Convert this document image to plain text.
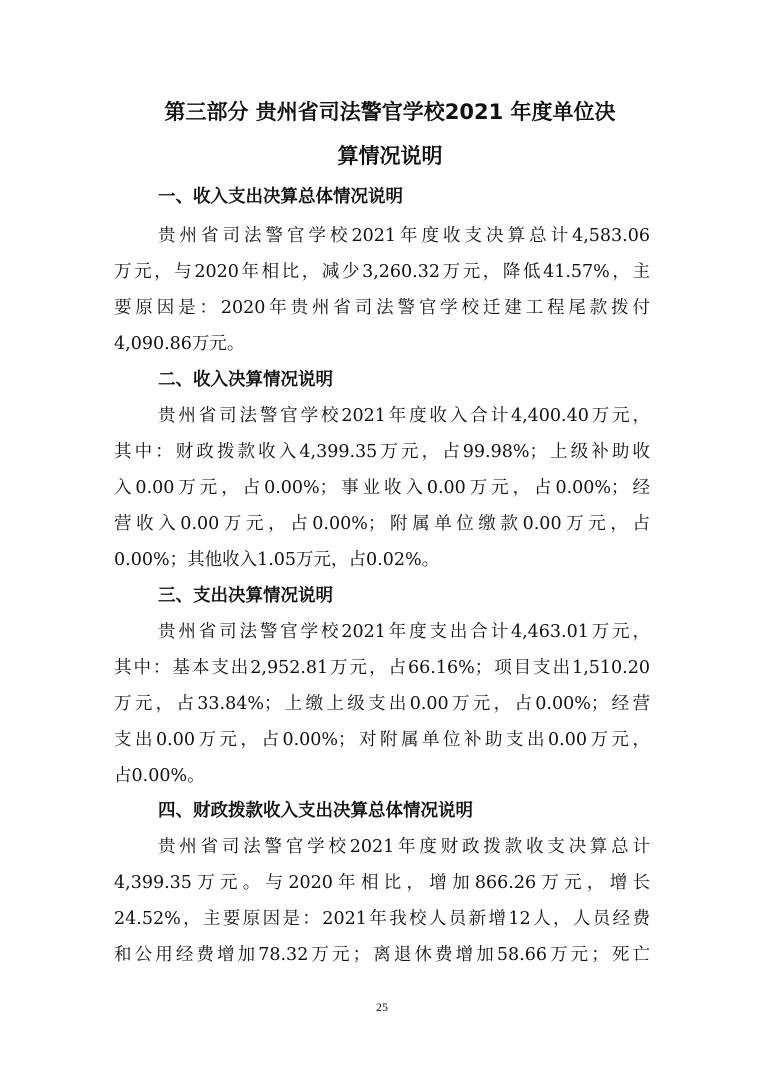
第三部分 贵州省司法警官学校2021 年度单位决
算情况说明
一、收入支出决算总体情况说明
贵州省司法警官学校2021年度收支决算总计4,583.06
万元，与2020年相比，减少3,260.32万元，降低41.57%，主
要原因是：2020年贵州省司法警官学校迁建工程尾款拨付
4,090.86万元。
二、收入决算情况说明
贵州省司法警官学校2021年度收入合计4,400.40万元，
其中：财政拨款收入4,399.35万元，占99.98%；上级补助收
入0.00万元，占0.00%；事业收入0.00万元，占0.00%；经
营收入0.00万元，占0.00%；附属单位缴款0.00万元，占
0.00%；其他收入1.05万元，占0.02%。
三、支出决算情况说明
贵州省司法警官学校2021年度支出合计4,463.01万元，
其中：基本支出2,952.81万元，占66.16%；项目支出1,510.20
万元，占33.84%；上缴上级支出0.00万元，占0.00%；经营
支出0.00万元，占0.00%；对附属单位补助支出0.00万元，
占0.00%。
四、财政拨款收入支出决算总体情况说明
贵州省司法警官学校2021年度财政拨款收支决算总计
4,399.35万元。与2020年相比，增加866.26万元，增长
24.52%，主要原因是：2021年我校人员新增12人，人员经费
和公用经费增加78.32万元；离退休费增加58.66万元；死亡
25
